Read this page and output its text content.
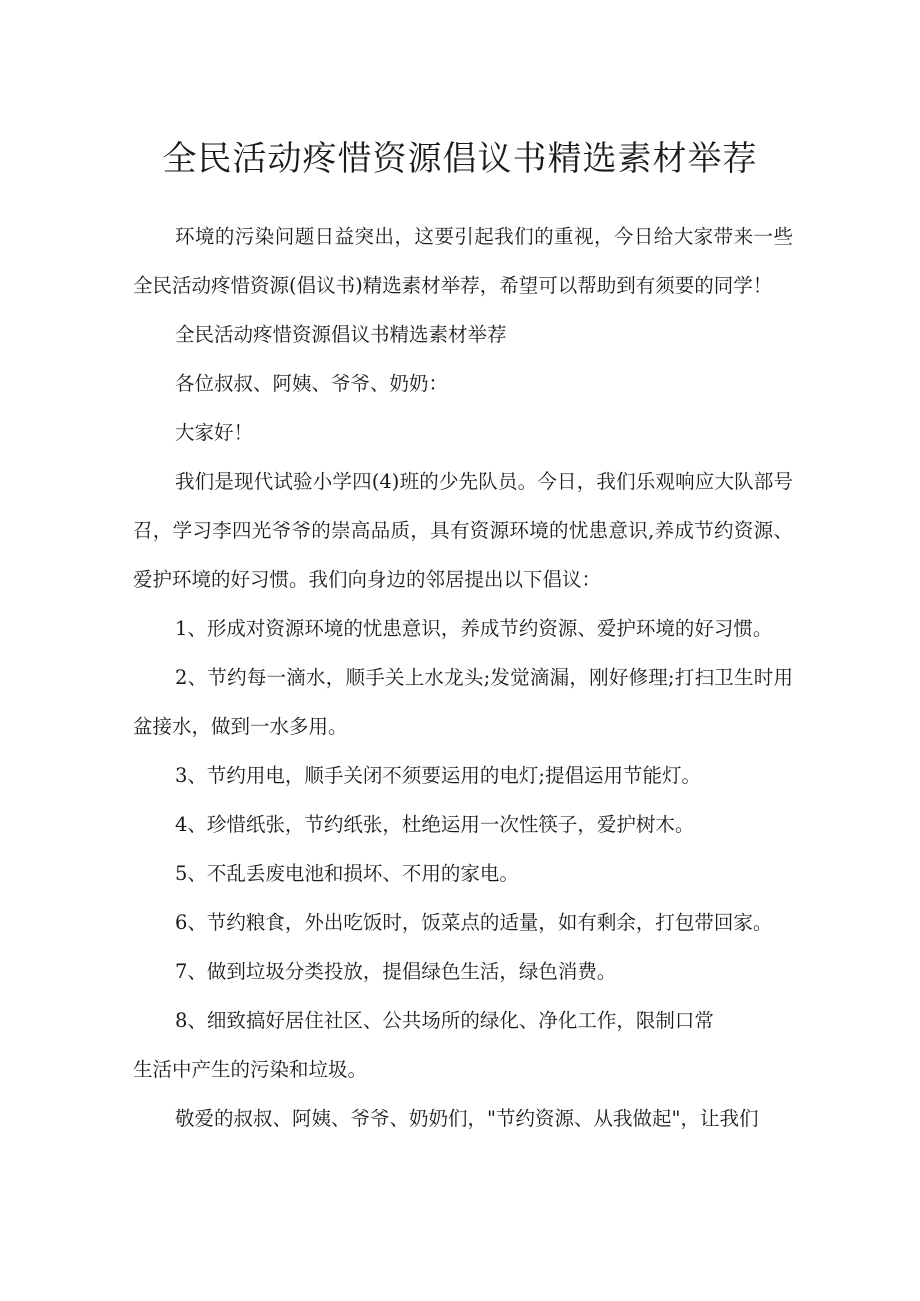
全民活动疼惜资源倡议书精选素材举荐

环境的污染问题日益突出，这要引起我们的重视，今日给大家带来一些全民活动疼惜资源(倡议书)精选素材举荐，希望可以帮助到有须要的同学！

全民活动疼惜资源倡议书精选素材举荐

各位叔叔、阿姨、爷爷、奶奶：

大家好！

我们是现代试验小学四(4)班的少先队员。今日，我们乐观响应大队部号召，学习李四光爷爷的崇高品质，具有资源环境的忧患意识,养成节约资源、爱护环境的好习惯。我们向身边的邻居提出以下倡议：

1、形成对资源环境的忧患意识，养成节约资源、爱护环境的好习惯。

2、节约每一滴水，顺手关上水龙头;发觉滴漏，刚好修理;打扫卫生时用盆接水，做到一水多用。

3、节约用电，顺手关闭不须要运用的电灯;提倡运用节能灯。

4、珍惜纸张，节约纸张，杜绝运用一次性筷子，爱护树木。

5、不乱丢废电池和损坏、不用的家电。

6、节约粮食，外出吃饭时，饭菜点的适量，如有剩余，打包带回家。

7、做到垃圾分类投放，提倡绿色生活，绿色消费。

8、细致搞好居住社区、公共场所的绿化、净化工作，限制口常
生活中产生的污染和垃圾。

敬爱的叔叔、阿姨、爷爷、奶奶们，"节约资源、从我做起"，让我们
